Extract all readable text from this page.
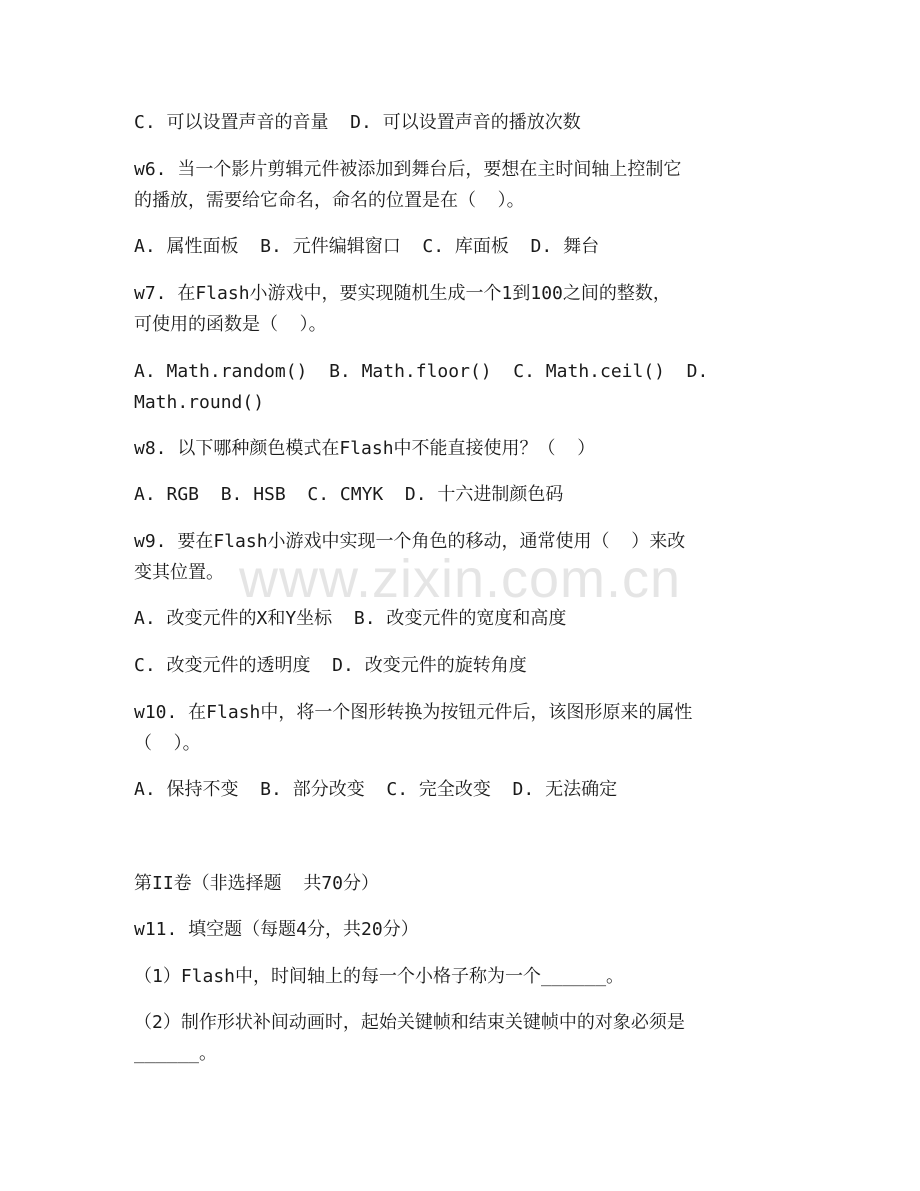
C. 可以设置声音的音量  D. 可以设置声音的播放次数
w6. 当一个影片剪辑元件被添加到舞台后，要想在主时间轴上控制它
的播放，需要给它命名，命名的位置是在（  ）。
A. 属性面板  B. 元件编辑窗口  C. 库面板  D. 舞台
w7. 在Flash小游戏中，要实现随机生成一个1到100之间的整数，
可使用的函数是（  ）。
A. Math.random()  B. Math.floor()  C. Math.ceil()  D.
Math.round()
w8. 以下哪种颜色模式在Flash中不能直接使用？（  ）
A. RGB  B. HSB  C. CMYK  D. 十六进制颜色码
w9. 要在Flash小游戏中实现一个角色的移动，通常使用（  ）来改
变其位置。
A. 改变元件的X和Y坐标  B. 改变元件的宽度和高度
C. 改变元件的透明度  D. 改变元件的旋转角度
w10. 在Flash中，将一个图形转换为按钮元件后，该图形原来的属性
（  ）。
A. 保持不变  B. 部分改变  C. 完全改变  D. 无法确定
第II卷（非选择题  共70分）
w11. 填空题（每题4分，共20分）
（1）Flash中，时间轴上的每一个小格子称为一个______。
（2）制作形状补间动画时，起始关键帧和结束关键帧中的对象必须是
______。
www.zixin.com.cn
